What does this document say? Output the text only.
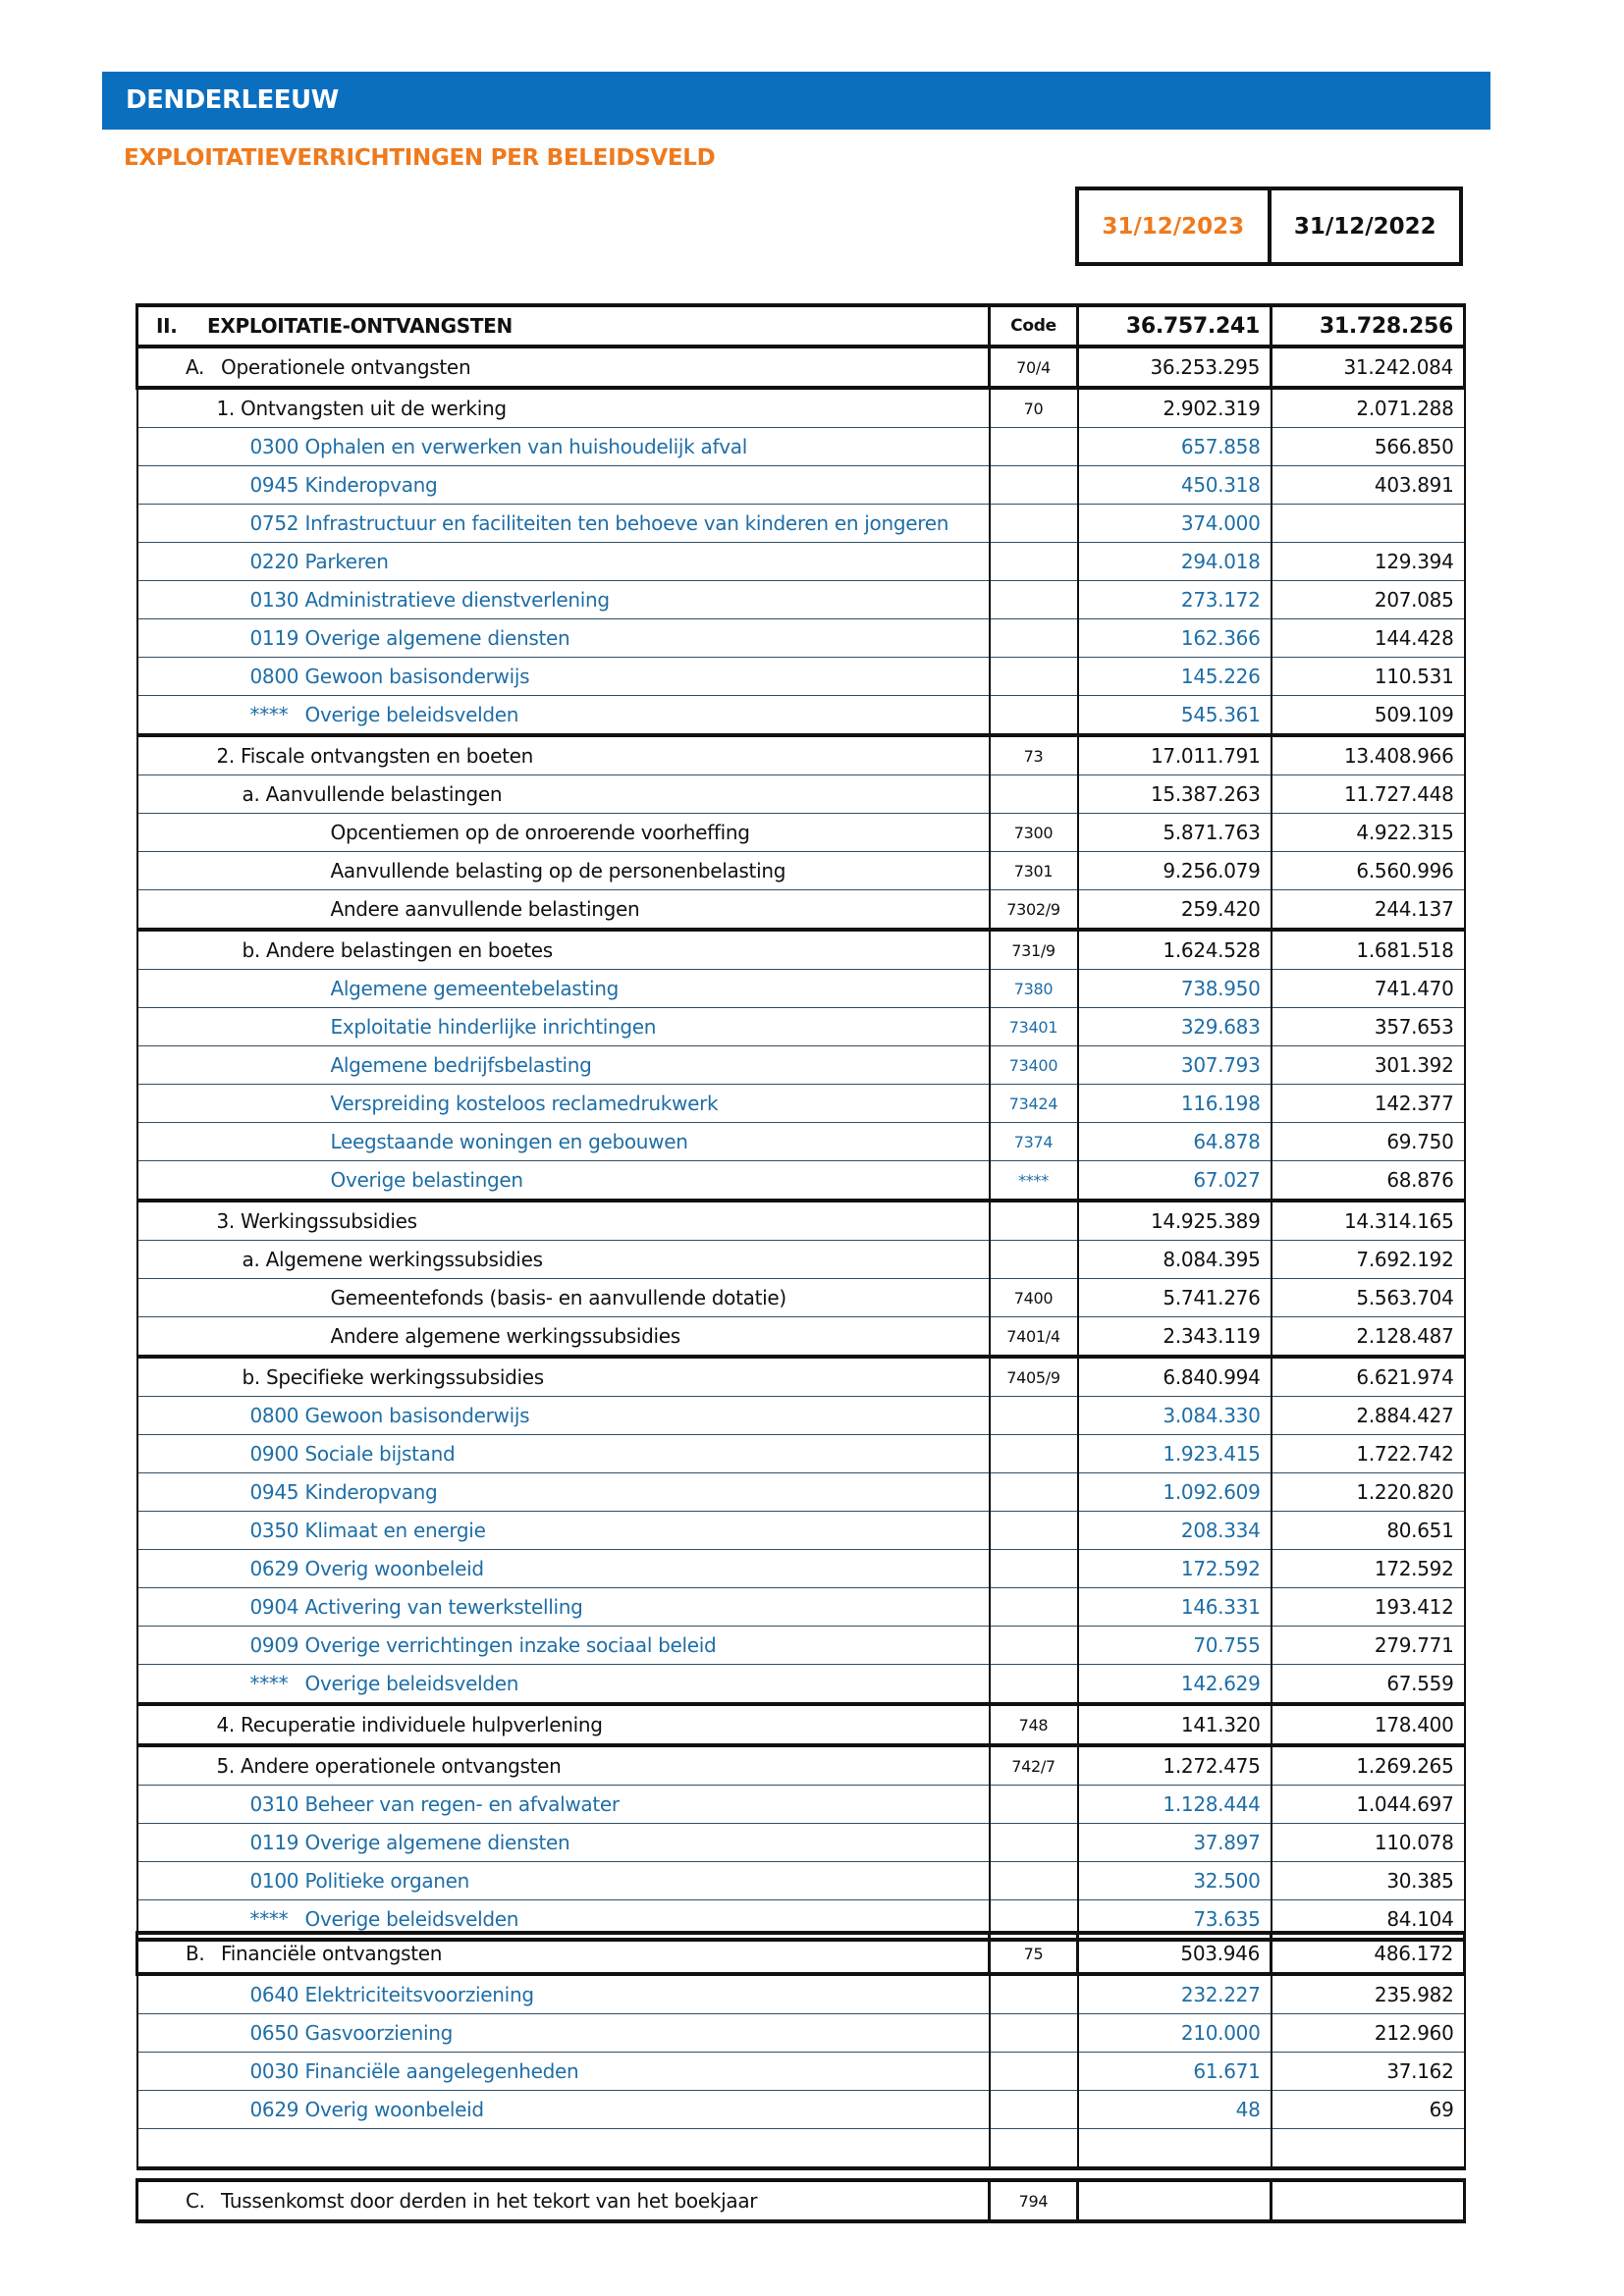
DENDERLEEUW
EXPLOITATIEVERRICHTINGEN PER BELEIDSVELD
31/12/2023	31/12/2022
II. EXPLOITATIE-ONTVANGSTEN	Code	36.757.241	31.728.256
A. Operationele ontvangsten	70/4	36.253.295	31.242.084
1. Ontvangsten uit de werking	70	2.902.319	2.071.288
0300 Ophalen en verwerken van huishoudelijk afval		657.858	566.850
0945 Kinderopvang		450.318	403.891
0752 Infrastructuur en faciliteiten ten behoeve van kinderen en jongeren		374.000	
0220 Parkeren		294.018	129.394
0130 Administratieve dienstverlening		273.172	207.085
0119 Overige algemene diensten		162.366	144.428
0800 Gewoon basisonderwijs		145.226	110.531
**** Overige beleidsvelden		545.361	509.109
2. Fiscale ontvangsten en boeten	73	17.011.791	13.408.966
a. Aanvullende belastingen		15.387.263	11.727.448
Opcentiemen op de onroerende voorheffing	7300	5.871.763	4.922.315
Aanvullende belasting op de personenbelasting	7301	9.256.079	6.560.996
Andere aanvullende belastingen	7302/9	259.420	244.137
b. Andere belastingen en boetes	731/9	1.624.528	1.681.518
Algemene gemeentebelasting	7380	738.950	741.470
Exploitatie hinderlijke inrichtingen	73401	329.683	357.653
Algemene bedrijfsbelasting	73400	307.793	301.392
Verspreiding kosteloos reclamedrukwerk	73424	116.198	142.377
Leegstaande woningen en gebouwen	7374	64.878	69.750
Overige belastingen	****	67.027	68.876
3. Werkingssubsidies		14.925.389	14.314.165
a. Algemene werkingssubsidies		8.084.395	7.692.192
Gemeentefonds (basis- en aanvullende dotatie)	7400	5.741.276	5.563.704
Andere algemene werkingssubsidies	7401/4	2.343.119	2.128.487
b. Specifieke werkingssubsidies	7405/9	6.840.994	6.621.974
0800 Gewoon basisonderwijs		3.084.330	2.884.427
0900 Sociale bijstand		1.923.415	1.722.742
0945 Kinderopvang		1.092.609	1.220.820
0350 Klimaat en energie		208.334	80.651
0629 Overig woonbeleid		172.592	172.592
0904 Activering van tewerkstelling		146.331	193.412
0909 Overige verrichtingen inzake sociaal beleid		70.755	279.771
**** Overige beleidsvelden		142.629	67.559
4. Recuperatie individuele hulpverlening	748	141.320	178.400
5. Andere operationele ontvangsten	742/7	1.272.475	1.269.265
0310 Beheer van regen- en afvalwater		1.128.444	1.044.697
0119 Overige algemene diensten		37.897	110.078
0100 Politieke organen		32.500	30.385
**** Overige beleidsvelden		73.635	84.104
B. Financiële ontvangsten	75	503.946	486.172
0640 Elektriciteitsvoorziening		232.227	235.982
0650 Gasvoorziening		210.000	212.960
0030 Financiële aangelegenheden		61.671	37.162
0629 Overig woonbeleid		48	69

C. Tussenkomst door derden in het tekort van het boekjaar	794		
